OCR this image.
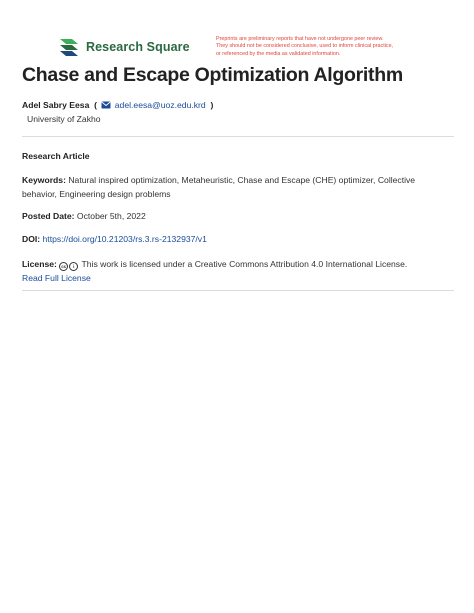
Research Square
Preprints are preliminary reports that have not undergone peer review.
They should not be considered conclusive, used to inform clinical practice,
or referenced by the media as validated information.
Chase and Escape Optimization Algorithm
Adel Sabry Eesa  ( adel.eesa@uoz.edu.krd  )
University of Zakho
Research Article
Keywords: Natural inspired optimization, Metaheuristic, Chase and Escape (CHE) optimizer, Collective behavior, Engineering design problems
Posted Date: October 5th, 2022
DOI: https://doi.org/10.21203/rs.3.rs-2132937/v1
License: cc i This work is licensed under a Creative Commons Attribution 4.0 International License.
Read Full License
